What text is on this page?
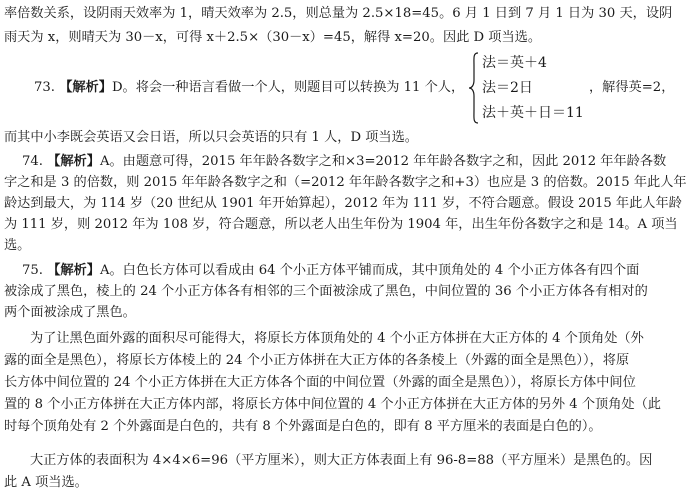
率倍数关系，设阴雨天效率为 1，晴天效率为 2.5，则总量为 2.5×18=45。6 月 1 日到 7 月 1 日为 30 天，设阴
雨天为 x，则晴天为 30－x，可得 x＋2.5×（30－x）=45，解得 x=20。因此 D 项当选。
73. 【解析】D。将会一种语言看做一个人，则题目可以转换为 11 个人，
法＝英＋4
法＝2日
法＋英＋日＝11
，解得英=2，
而其中小李既会英语又会日语，所以只会英语的只有 1 人，D 项当选。
74. 【解析】A。由题意可得，2015 年年龄各数字之和×3=2012 年年龄各数字之和，因此 2012 年年龄各数
字之和是 3 的倍数，则 2015 年年龄各数字之和（=2012 年年龄各数字之和+3）也应是 3 的倍数。2015 年此人年
龄达到最大，为 114 岁（20 世纪从 1901 年开始算起），2012 年为 111 岁，不符合题意。假设 2015 年此人年龄
为 111 岁，则 2012 年为 108 岁，符合题意，所以老人出生年份为 1904 年，出生年份各数字之和是 14。A 项当
选。
75. 【解析】A。白色长方体可以看成由 64 个小正方体平铺而成，其中顶角处的 4 个小正方体各有四个面
被涂成了黑色，棱上的 24 个小正方体各有相邻的三个面被涂成了黑色，中间位置的 36 个小正方体各有相对的
两个面被涂成了黑色。
为了让黑色面外露的面积尽可能得大，将原长方体顶角处的 4 个小正方体拼在大正方体的 4 个顶角处（外
露的面全是黑色），将原长方体棱上的 24 个小正方体拼在大正方体的各条棱上（外露的面全是黑色）），将原
长方体中间位置的 24 个小正方体拼在大正方体各个面的中间位置（外露的面全是黑色）），将原长方体中间位
置的 8 个小正方体拼在大正方体内部，将原长方体中间位置的 4 个小正方体拼在大正方体的另外 4 个顶角处（此
时每个顶角处有 2 个外露面是白色的，共有 8 个外露面是白色的，即有 8 平方厘米的表面是白色的）。
大正方体的表面积为 4×4×6=96（平方厘米），则大正方体表面上有 96-8=88（平方厘米）是黑色的。因
此 A 项当选。
